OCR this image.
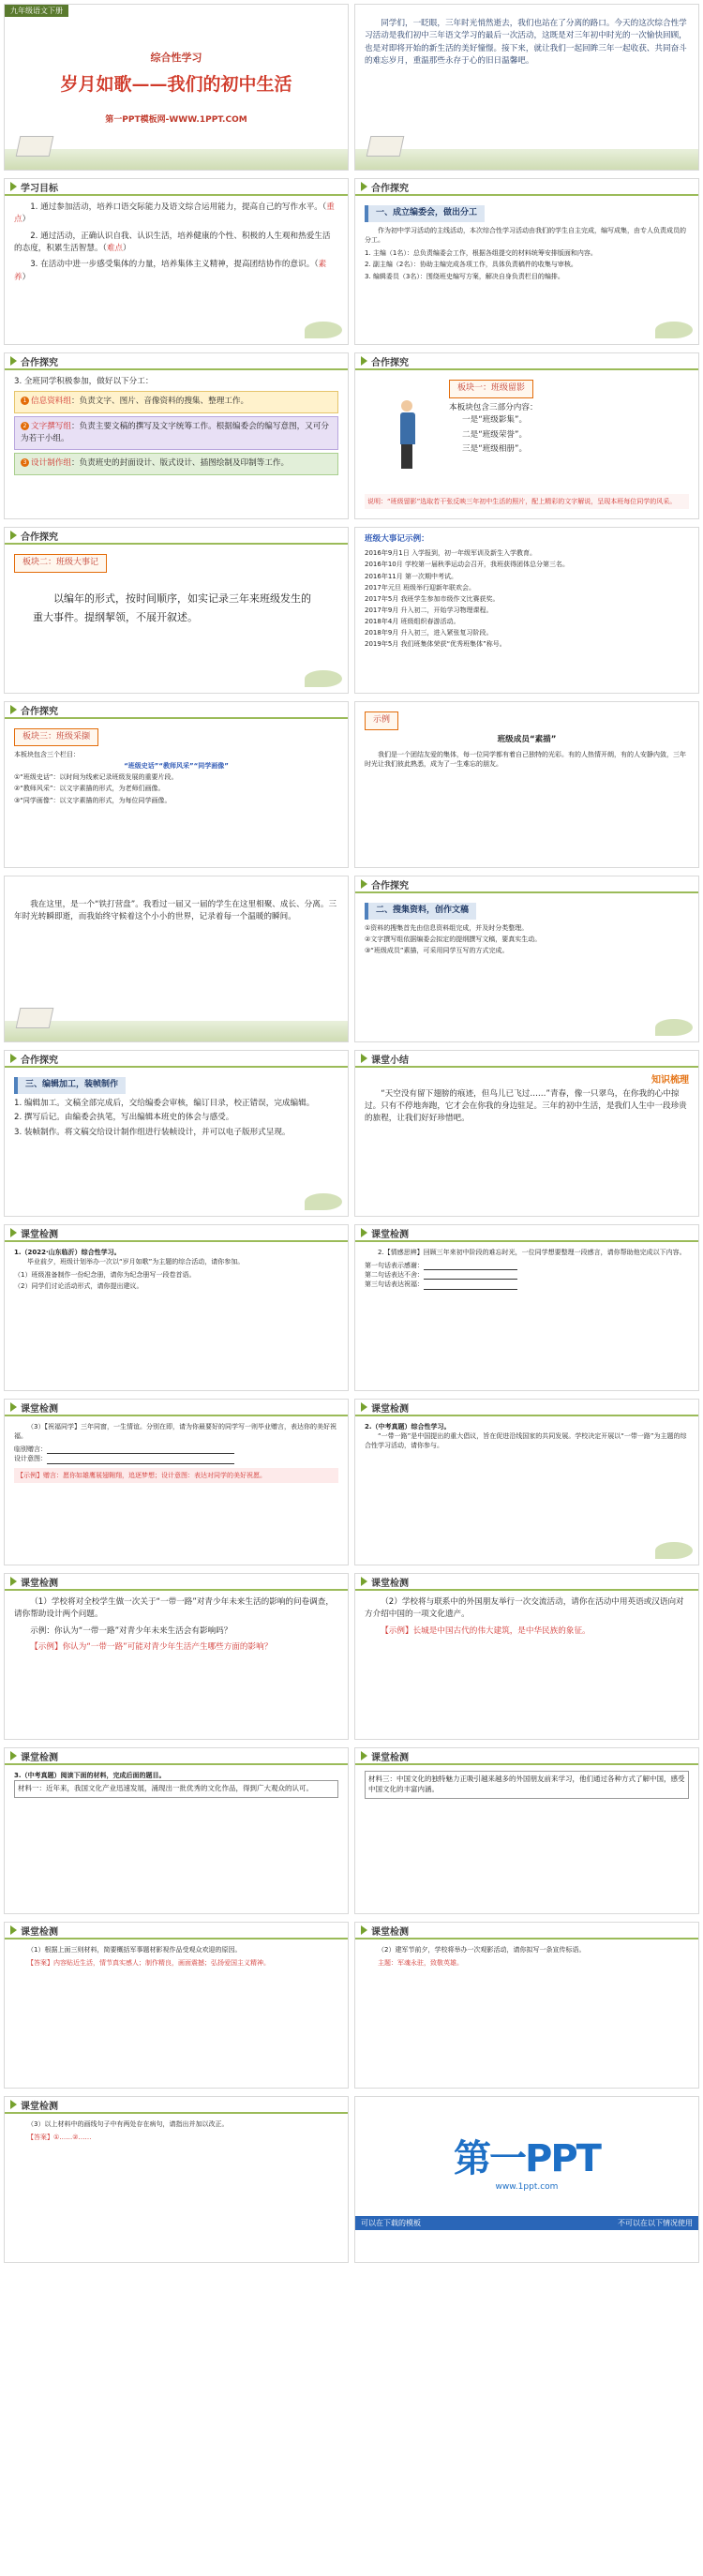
九年级语文下册
综合性学习
岁月如歌——我们的初中生活
第一PPT模板网-WWW.1PPT.COM

同学们，一眨眼，三年时光悄然逝去，我们也站在了分离的路口。今天的这次综合性学习活动是我们初中三年语文学习的最后一次活动，这既是对三年初中时光的一次愉快回顾，也是对即将开始的新生活的美好憧憬。接下来，就让我们一起回眸三年一起收获、共同奋斗的难忘岁月，重温那些永存于心的旧日温馨吧。

学习目标

1. 通过参加活动，培养口语交际能力及语文综合运用能力，提高自己的写作水平。（重点）

2. 通过活动，正确认识自我、认识生活，培养健康的个性、积极的人生观和热爱生活的态度，积累生活智慧。（难点）

3. 在活动中进一步感受集体的力量，培养集体主义精神，提高团结协作的意识。（素养）

合作探究
一、成立编委会，做出分工

作为初中学习活动的主线活动，本次综合性学习活动由我们的学生自主完成，编写成集，由专人负责成员的分工。

1. 主编（1名）：总负责编委会工作，根据各组提交的材料统筹安排版面和内容。
2. 副主编（2名）：协助主编完成各项工作，具体负责稿件的收集与审核。
3. 编辑委员（3名）：围绕班史编写方案，解决自身负责栏目的编排。
合作探究
3. 全班同学积极参加，做好以下分工：
1 信息资料组：负责文字、图片、音像资料的搜集、整理工作。
2 文字撰写组：负责主要文稿的撰写及文字统筹工作。根据编委会的编写意图，又可分为若干小组。
3 设计制作组：负责班史的封面设计、版式设计、插图绘制及印制等工作。
合作探究
板块一：班级留影
本板块包含三部分内容：
一是“班级影集”。
二是“班级荣誉”。
三是“班级相册”。
说明：“班级留影”选取若干张反映三年初中生活的照片，配上精彩的文字解说，呈现本班每位同学的风采。
合作探究
板块二：班级大事记

以编年的形式，按时间顺序，如实记录三年来班级发生的重大事件。提纲挈领，不展开叙述。

班级大事记示例：
2016年9月1日 入学报到，初一年级军训及新生入学教育。
2016年10月 学校第一届秋季运动会召开，我班获得团体总分第三名。
2016年11月 第一次期中考试。
2017年元旦 班级举行迎新年联欢会。
2017年5月 我班学生参加市级作文比赛获奖。
2017年9月 升入初二，开始学习物理课程。
2018年4月 班级组织春游活动。
2018年9月 升入初三，进入紧张复习阶段。
2019年5月 我们班集体荣获“优秀班集体”称号。
合作探究
板块三：班级采撷
本板块包含三个栏目：
“班级史话”“教师风采”“同学画像”
①“班级史话”：以时间为线索记录班级发展的重要片段。
②“教师风采”：以文字素描的形式，为老师们画像。
③“同学画像”：以文字素描的形式，为每位同学画像。
示例
班级成员“素描”

我们是一个团结友爱的集体，每一位同学都有着自己独特的光彩。有的人热情开朗，有的人安静内敛，三年时光让我们彼此熟悉，成为了一生难忘的朋友。

我在这里，是一个“铁打营盘”。我看过一届又一届的学生在这里相聚、成长、分离。三年时光转瞬即逝，而我始终守候着这个小小的世界，记录着每一个温暖的瞬间。

合作探究
二、搜集资料，创作文稿
①资料的搜集首先由信息资料组完成，并及时分类整理。
②文字撰写组依据编委会拟定的提纲撰写文稿，要真实生动。
③“班级成员”素描，可采用同学互写的方式完成。
合作探究
三、编辑加工，装帧制作
1. 编辑加工。文稿全部完成后，交给编委会审核，编订目录，校正错误，完成编辑。
2. 撰写后记。由编委会执笔，写出编辑本班史的体会与感受。
3. 装帧制作。将文稿交给设计制作组进行装帧设计，并可以电子版形式呈现。
课堂小结
知识梳理

“天空没有留下翅膀的痕迹，但鸟儿已飞过……”青春，像一只翠鸟，在你我的心中掠过。只有不停地奔跑，它才会在你我的身边驻足。三年的初中生活，是我们人生中一段珍贵的旅程，让我们好好珍惜吧。

课堂检测
1.（2022·山东临沂）综合性学习。

毕业前夕，班级计划举办一次以“岁月如歌”为主题的综合活动，请你参加。

（1）班级准备制作一份纪念册，请你为纪念册写一段卷首语。
（2）同学们讨论活动形式，请你提出建议。
课堂检测

2.【情感思辨】回顾三年来初中阶段的难忘时光，一位同学想要整理一段感言，请你帮助他完成以下内容。

第一句话表示感谢：
第二句话表达不舍：
第三句话表达祝福：
课堂检测

（3）【祝福同学】三年同窗，一生情谊。分别在即，请为你最要好的同学写一则毕业赠言，表达你的美好祝福。

临别赠言：
设计意图：
【示例】赠言：愿你如雄鹰展翅翱翔，追逐梦想；设计意图：表达对同学的美好祝愿。
课堂检测
2.（中考真题）综合性学习。

“一带一路”是中国提出的重大倡议，旨在促进沿线国家的共同发展。学校决定开展以“一带一路”为主题的综合性学习活动，请你参与。

课堂检测

（1）学校将对全校学生做一次关于“一带一路”对青少年未来生活的影响的问卷调查，请你帮助设计两个问题。

示例：你认为“一带一路”对青少年未来生活会有影响吗？

【示例】你认为“一带一路”可能对青少年生活产生哪些方面的影响？

课堂检测

（2）学校将与联系中的外国朋友举行一次交流活动，请你在活动中用英语或汉语向对方介绍中国的一项文化遗产。

【示例】长城是中国古代的伟大建筑，是中华民族的象征。

课堂检测
3.（中考真题）阅读下面的材料，完成后面的题目。
材料一：近年来，我国文化产业迅速发展，涌现出一批优秀的文化作品，得到广大观众的认可。
课堂检测
材料三：中国文化的独特魅力正吸引越来越多的外国朋友前来学习，他们通过各种方式了解中国，感受中国文化的丰富内涵。
课堂检测

（1）根据上面三则材料，简要概括军事题材影视作品受观众欢迎的原因。

【答案】内容贴近生活，情节真实感人；制作精良，画面震撼；弘扬爱国主义精神。

课堂检测

（2）建军节前夕，学校将举办一次观影活动，请你拟写一条宣传标语。

主题：军魂永驻，致敬英雄。

课堂检测

（3）以上材料中的画线句子中有两处存在病句，请指出并加以改正。

【答案】①……②……	第一PPT
www.1ppt.com
可以在下载的模板	不可以在以下情况使用
